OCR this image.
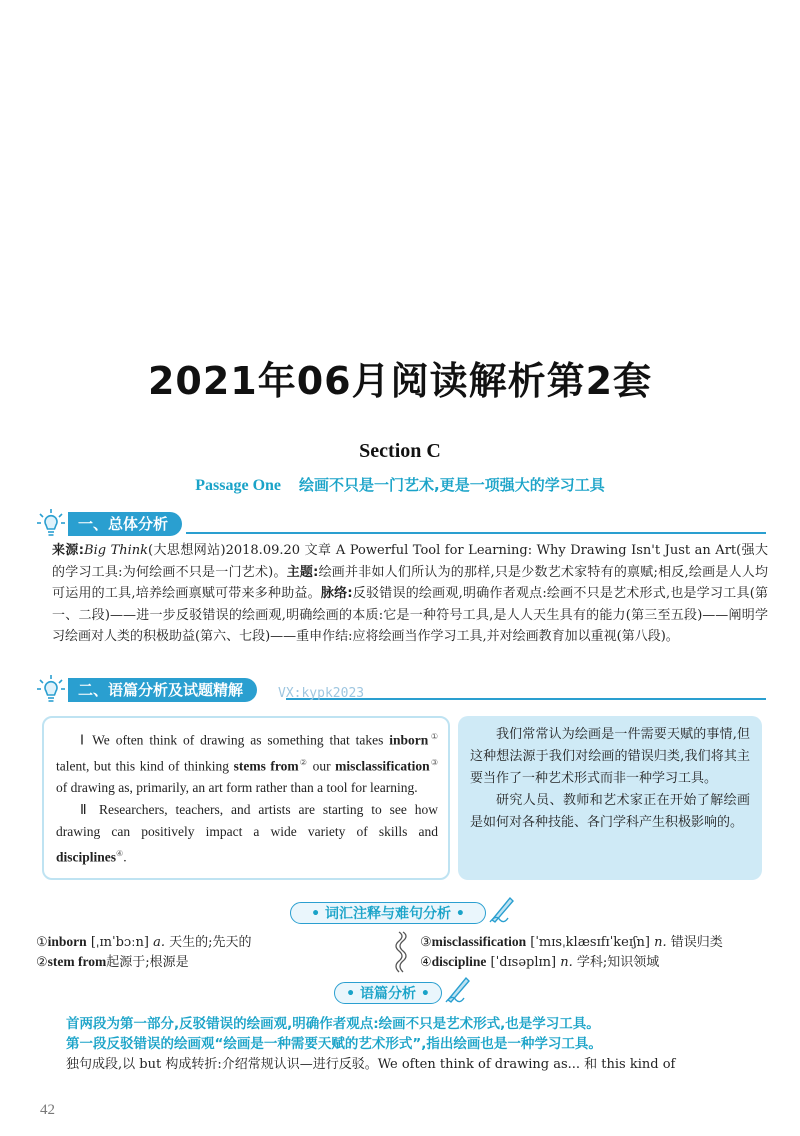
2021年06月阅读解析第2套
Section C
Passage One 绘画不只是一门艺术,更是一项强大的学习工具
一、总体分析
来源:Big Think(大思想网站)2018.09.20 文章 A Powerful Tool for Learning: Why Drawing Isn't Just an Art(强大的学习工具:为何绘画不只是一门艺术)。主题:绘画并非如人们所认为的那样,只是少数艺术家特有的禀赋;相反,绘画是人人均可运用的工具,培养绘画禀赋可带来多种助益。脉络:反驳错误的绘画观,明确作者观点:绘画不只是艺术形式,也是学习工具(第一、二段)——进一步反驳错误的绘画观,明确绘画的本质:它是一种符号工具,是人人天生具有的能力(第三至五段)——阐明学习绘画对人类的积极助益(第六、七段)——重申作结:应将绘画当作学习工具,并对绘画教育加以重视(第八段)。
二、语篇分析及试题精解	VX:kypk2023

Ⅰ We often think of drawing as something that takes inborn① talent, but this kind of thinking stems from② our misclassification③ of drawing as, primarily, an art form rather than a tool for learning.

Ⅱ Researchers, teachers, and artists are starting to see how drawing can positively impact a wide variety of skills and disciplines④.

我们常常认为绘画是一件需要天赋的事情,但这种想法源于我们对绘画的错误归类,我们将其主要当作了一种艺术形式而非一种学习工具。

研究人员、教师和艺术家正在开始了解绘画是如何对各种技能、各门学科产生积极影响的。

• 词汇注释与难句分析 •
①inborn [ˌɪnˈbɔːn] a. 天生的;先天的
②stem from起源于;根源是
③misclassification [ˈmɪsˌklæsɪfɪˈkeɪʃn] n. 错误归类
④discipline [ˈdɪsəplɪn] n. 学科;知识领域
• 语篇分析 •
首两段为第一部分,反驳错误的绘画观,明确作者观点:绘画不只是艺术形式,也是学习工具。
第一段反驳错误的绘画观“绘画是一种需要天赋的艺术形式”,指出绘画也是一种学习工具。
独句成段,以 but 构成转折:介绍常规认识—进行反驳。We often think of drawing as... 和 this kind of
42
